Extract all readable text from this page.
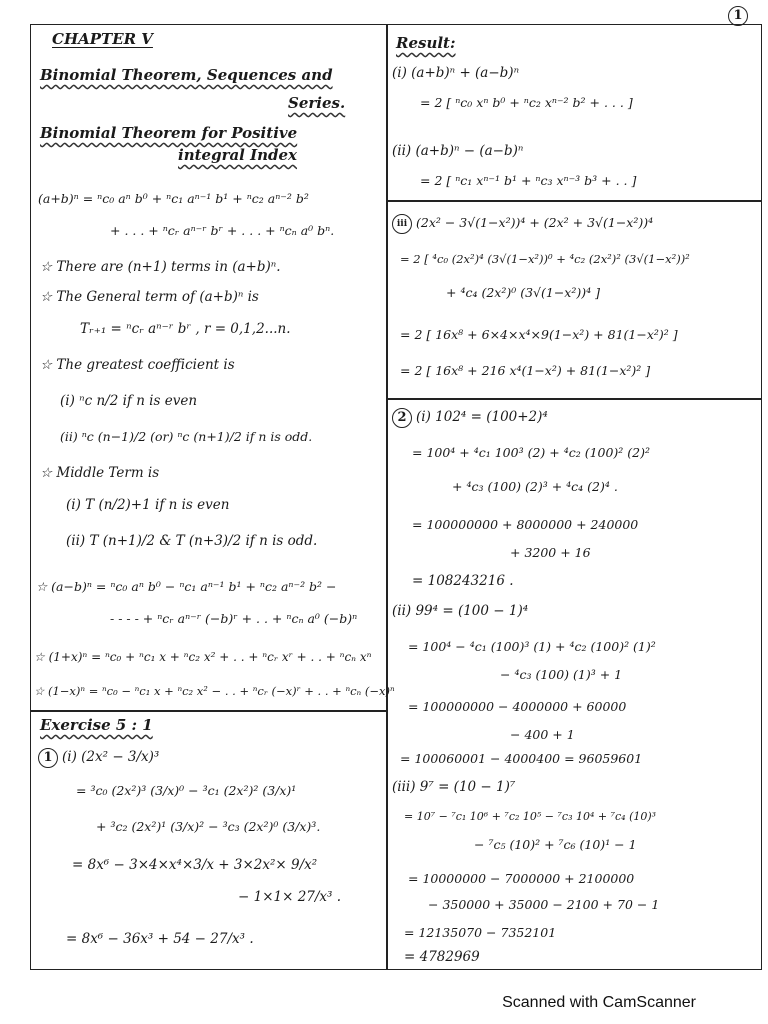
1
CHAPTER V
Binomial Theorem, Sequences and
Series.
Binomial Theorem for Positive
integral Index
(a+b)ⁿ = ⁿc₀ aⁿ b⁰ + ⁿc₁ aⁿ⁻¹ b¹ + ⁿc₂ aⁿ⁻² b²
+ . . . + ⁿcᵣ aⁿ⁻ʳ bʳ + . . . + ⁿcₙ a⁰ bⁿ.
☆ There are (n+1) terms in (a+b)ⁿ.
☆ The General term of (a+b)ⁿ is
Tᵣ₊₁ = ⁿcᵣ aⁿ⁻ʳ bʳ , r = 0,1,2...n.
☆ The greatest coefficient is
(i) ⁿc n/2 if n is even
(ii) ⁿc (n−1)/2 (or) ⁿc (n+1)/2 if n is odd.
☆ Middle Term is
(i) T (n/2)+1 if n is even
(ii) T (n+1)/2 & T (n+3)/2 if n is odd.
☆ (a−b)ⁿ = ⁿc₀ aⁿ b⁰ − ⁿc₁ aⁿ⁻¹ b¹ + ⁿc₂ aⁿ⁻² b² −
- - - - + ⁿcᵣ aⁿ⁻ʳ (−b)ʳ + . . + ⁿcₙ a⁰ (−b)ⁿ
☆ (1+x)ⁿ = ⁿc₀ + ⁿc₁ x + ⁿc₂ x² + . . + ⁿcᵣ xʳ + . . + ⁿcₙ xⁿ
☆ (1−x)ⁿ = ⁿc₀ − ⁿc₁ x + ⁿc₂ x² − . . + ⁿcᵣ (−x)ʳ + . . + ⁿcₙ (−x)ⁿ
Exercise 5 : 1
1 (i) (2x² − 3/x)³
= ³c₀ (2x²)³ (3/x)⁰ − ³c₁ (2x²)² (3/x)¹
+ ³c₂ (2x²)¹ (3/x)² − ³c₃ (2x²)⁰ (3/x)³.
= 8x⁶ − 3×4×x⁴×3/x + 3×2x²× 9/x²
− 1×1× 27/x³ .
= 8x⁶ − 36x³ + 54 − 27/x³ .
Result:
(i) (a+b)ⁿ + (a−b)ⁿ
= 2 [ ⁿc₀ xⁿ b⁰ + ⁿc₂ xⁿ⁻² b² + . . . ]
(ii) (a+b)ⁿ − (a−b)ⁿ
= 2 [ ⁿc₁ xⁿ⁻¹ b¹ + ⁿc₃ xⁿ⁻³ b³ + . . ]
iii (2x² − 3√(1−x²))⁴ + (2x² + 3√(1−x²))⁴
= 2 [ ⁴c₀ (2x²)⁴ (3√(1−x²))⁰ + ⁴c₂ (2x²)² (3√(1−x²))²
+ ⁴c₄ (2x²)⁰ (3√(1−x²))⁴ ]
= 2 [ 16x⁸ + 6×4×x⁴×9(1−x²) + 81(1−x²)² ]
= 2 [ 16x⁸ + 216 x⁴(1−x²) + 81(1−x²)² ]
2 (i) 102⁴ = (100+2)⁴
= 100⁴ + ⁴c₁ 100³ (2) + ⁴c₂ (100)² (2)²
+ ⁴c₃ (100) (2)³ + ⁴c₄ (2)⁴ .
= 100000000 + 8000000 + 240000
+ 3200 + 16
= 108243216 .
(ii) 99⁴ = (100 − 1)⁴
= 100⁴ − ⁴c₁ (100)³ (1) + ⁴c₂ (100)² (1)²
− ⁴c₃ (100) (1)³ + 1
= 100000000 − 4000000 + 60000
− 400 + 1
= 100060001 − 4000400 = 96059601
(iii) 9⁷ = (10 − 1)⁷
= 10⁷ − ⁷c₁ 10⁶ + ⁷c₂ 10⁵ − ⁷c₃ 10⁴ + ⁷c₄ (10)³
− ⁷c₅ (10)² + ⁷c₆ (10)¹ − 1
= 10000000 − 7000000 + 2100000
− 350000 + 35000 − 2100 + 70 − 1
= 12135070 − 7352101
= 4782969
Scanned with CamScanner
